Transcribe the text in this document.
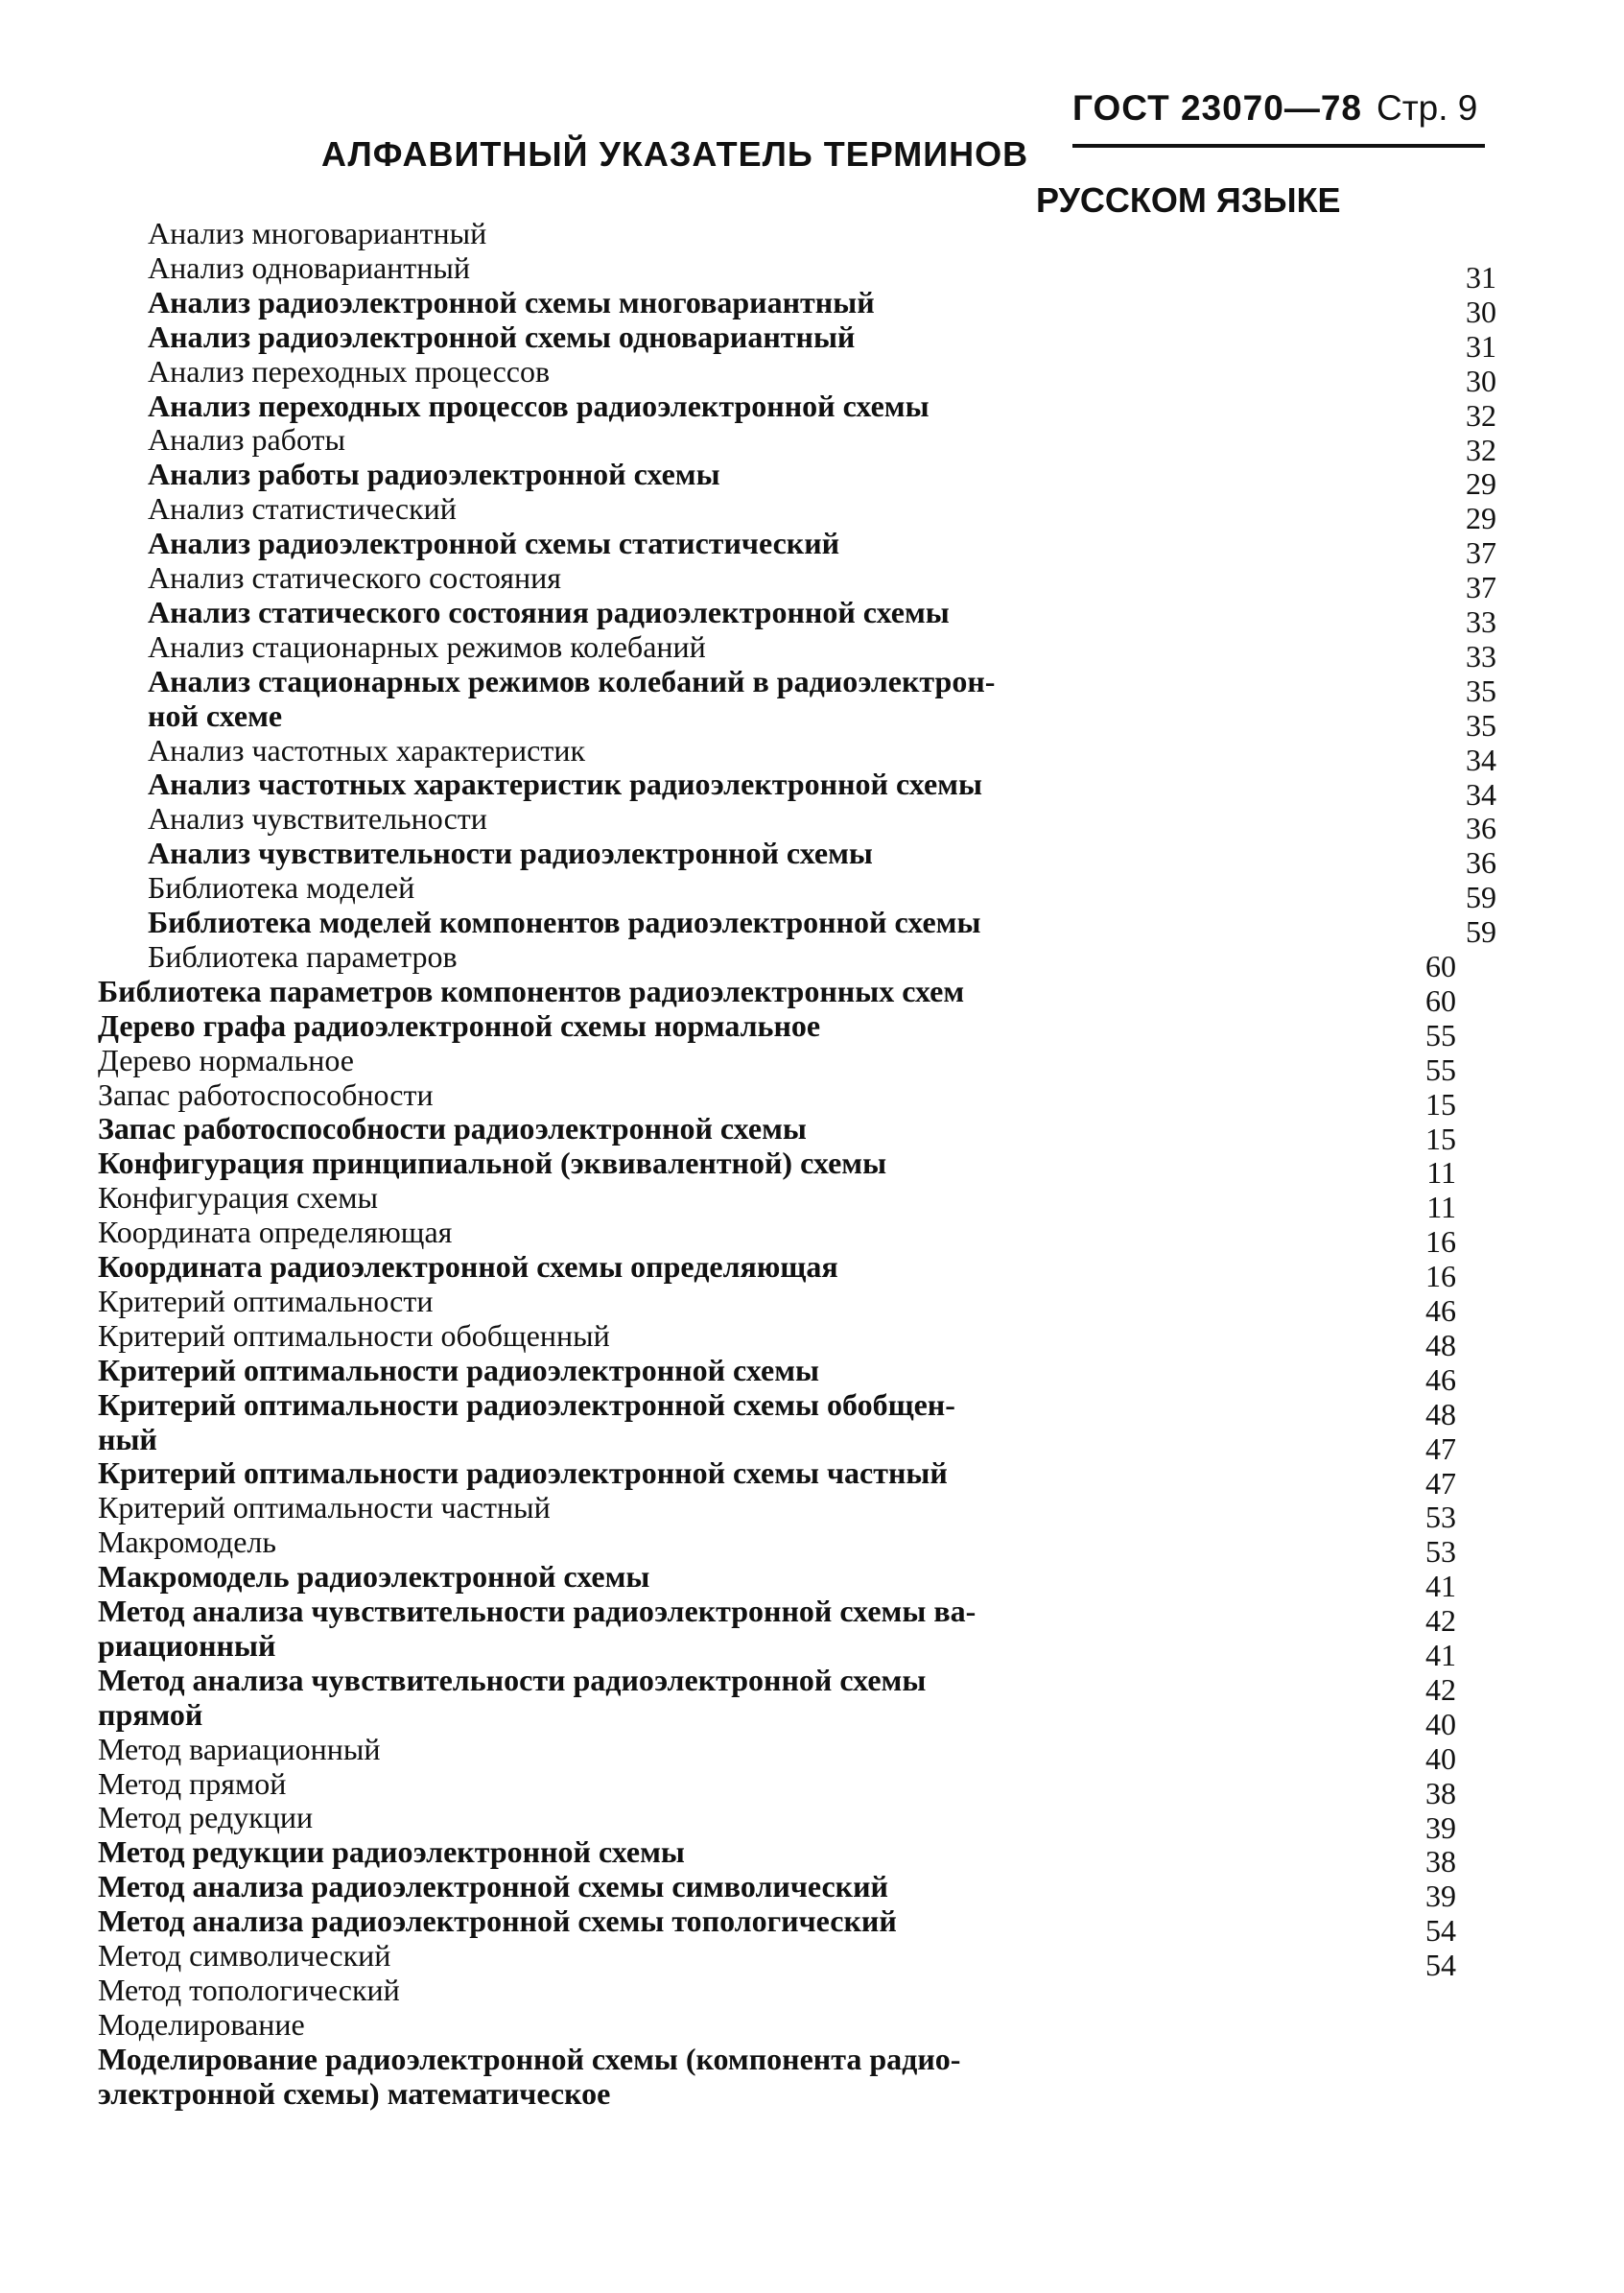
ГОСТ 23070—78 Стр. 9
АЛФАВИТНЫЙ УКАЗАТЕЛЬ ТЕРМИНОВ
РУССКОМ ЯЗЫКЕ
Анализ многовариантный
Анализ одновариантный
Анализ радиоэлектронной схемы многовариантный
Анализ радиоэлектронной схемы одновариантный
Анализ переходных процессов
Анализ переходных процессов радиоэлектронной схемы
Анализ работы
Анализ работы радиоэлектронной схемы
Анализ статистический
Анализ радиоэлектронной схемы статистический
Анализ статического состояния
Анализ статического состояния радиоэлектронной схемы
Анализ стационарных режимов колебаний
Анализ стационарных режимов колебаний в радиоэлектрон-
ной схеме
Анализ частотных характеристик
Анализ частотных характеристик радиоэлектронной схемы
Анализ чувствительности
Анализ чувствительности радиоэлектронной схемы
Библиотека моделей
Библиотека моделей компонентов радиоэлектронной схемы
Библиотека параметров
Библиотека параметров компонентов радиоэлектронных схем
Дерево графа радиоэлектронной схемы нормальное
Дерево нормальное
Запас работоспособности
Запас работоспособности радиоэлектронной схемы
Конфигурация принципиальной (эквивалентной) схемы
Конфигурация схемы
Координата определяющая
Координата радиоэлектронной схемы определяющая
Критерий оптимальности
Критерий оптимальности обобщенный
Критерий оптимальности радиоэлектронной схемы
Критерий оптимальности радиоэлектронной схемы обобщен-
ный
Критерий оптимальности радиоэлектронной схемы частный
Критерий оптимальности частный
Макромодель
Макромодель радиоэлектронной схемы
Метод анализа чувствительности радиоэлектронной схемы ва-
риационный
Метод анализа чувствительности радиоэлектронной схемы
прямой
Метод вариационный
Метод прямой
Метод редукции
Метод редукции радиоэлектронной схемы
Метод анализа радиоэлектронной схемы символический
Метод анализа радиоэлектронной схемы топологический
Метод символический
Метод топологический
Моделирование
Моделирование радиоэлектронной схемы (компонента радио-
электронной схемы) математическое
31
30
31
30
32
32
29
29
37
37
33
33
35
35
34
34
36
36
59
59
60
60
55
55
15
15
11
11
16
16
46
48
46
48
47
47
53
53
41
42
41
42
40
40
38
39
38
39
54
54
